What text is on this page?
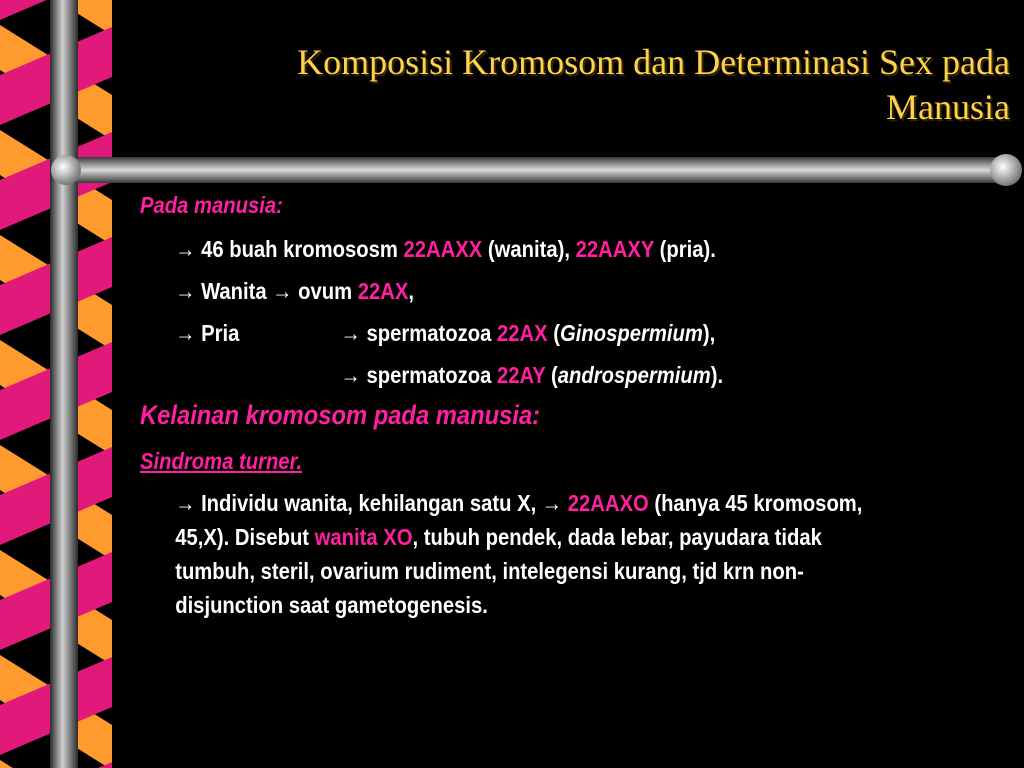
Komposisi Kromosom dan Determinasi Sex pada
Manusia
Pada manusia:
→ 46 buah kromososm 22AAXX (wanita), 22AAXY (pria).
→ Wanita → ovum 22AX,
→ Pria	→ spermatozoa 22AX (Ginospermium),
→ spermatozoa 22AY (androspermium).
Kelainan kromosom pada manusia:
Sindroma turner.
→ Individu wanita, kehilangan satu X, → 22AAXO (hanya 45 kromosom, 45,X). Disebut wanita XO, tubuh pendek, dada lebar, payudara tidak tumbuh, steril, ovarium rudiment, intelegensi kurang, tjd krn non-disjunction saat gametogenesis.
